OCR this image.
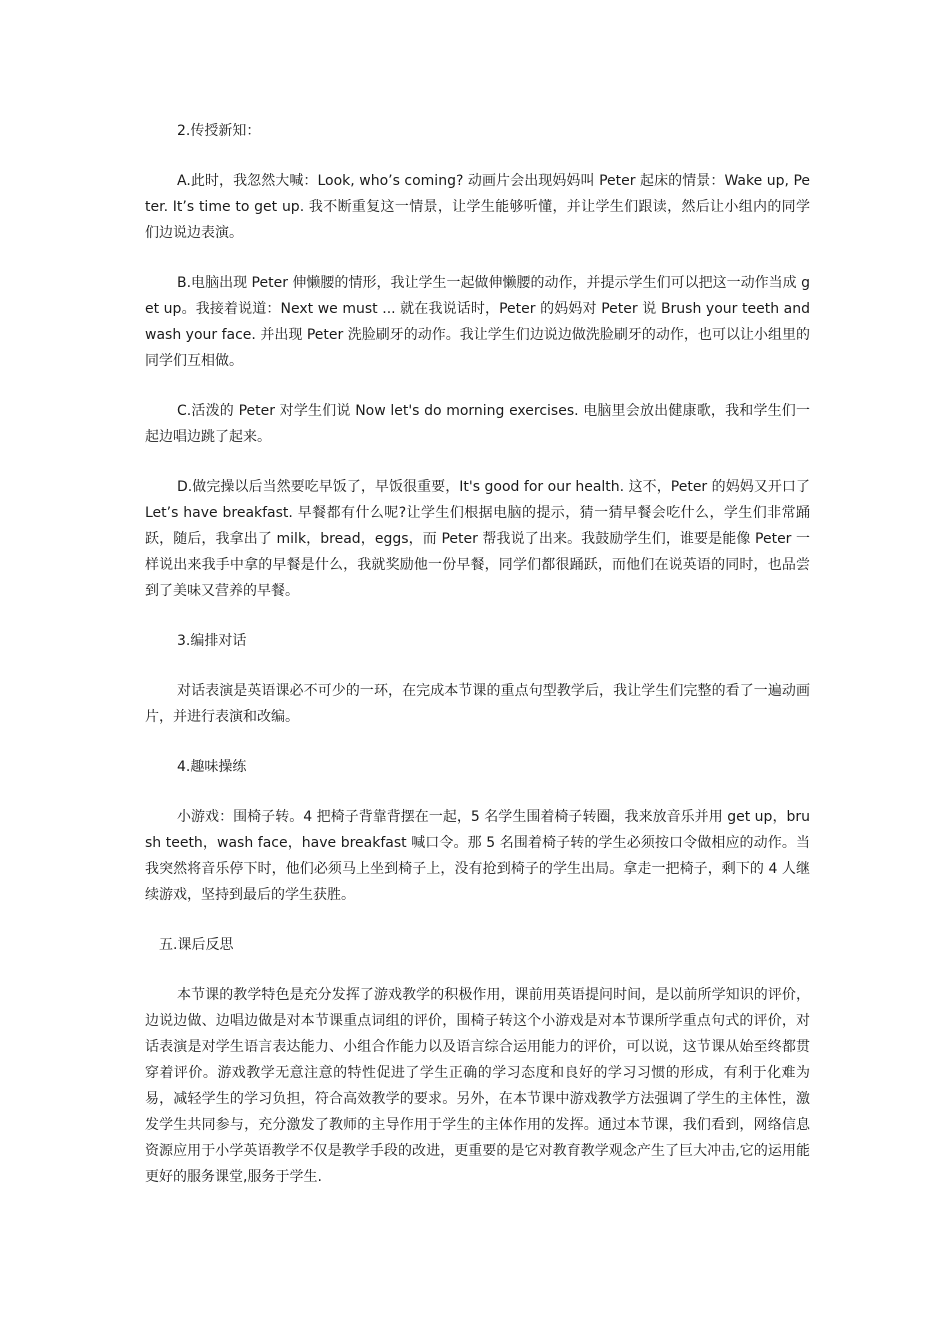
2.传授新知：

A.此时，我忽然大喊：Look, who’s coming? 动画片会出现妈妈叫 Peter 起床的情景：Wake up, Peter. It’s time to get up. 我不断重复这一情景，让学生能够听懂，并让学生们跟读，然后让小组内的同学们边说边表演。

B.电脑出现 Peter 伸懒腰的情形，我让学生一起做伸懒腰的动作，并提示学生们可以把这一动作当成 get up。我接着说道：Next we must ... 就在我说话时，Peter 的妈妈对 Peter 说 Brush your teeth and wash your face. 并出现 Peter 洗脸刷牙的动作。我让学生们边说边做洗脸刷牙的动作，也可以让小组里的同学们互相做。

C.活泼的 Peter 对学生们说 Now let's do morning exercises. 电脑里会放出健康歌，我和学生们一起边唱边跳了起来。

D.做完操以后当然要吃早饭了，早饭很重要，It's good for our health. 这不，Peter 的妈妈又开口了 Let’s have breakfast. 早餐都有什么呢?让学生们根据电脑的提示，猜一猜早餐会吃什么，学生们非常踊跃，随后，我拿出了 milk，bread，eggs，而 Peter 帮我说了出来。我鼓励学生们，谁要是能像 Peter 一样说出来我手中拿的早餐是什么，我就奖励他一份早餐，同学们都很踊跃，而他们在说英语的同时，也品尝到了美味又营养的早餐。

3.编排对话

对话表演是英语课必不可少的一环，在完成本节课的重点句型教学后，我让学生们完整的看了一遍动画片，并进行表演和改编。

4.趣味操练

小游戏：围椅子转。4 把椅子背靠背摆在一起，5 名学生围着椅子转圈，我来放音乐并用 get up，brush teeth，wash face，have breakfast 喊口令。那 5 名围着椅子转的学生必须按口令做相应的动作。当我突然将音乐停下时，他们必须马上坐到椅子上，没有抢到椅子的学生出局。拿走一把椅子，剩下的 4 人继续游戏，坚持到最后的学生获胜。

五.课后反思

本节课的教学特色是充分发挥了游戏教学的积极作用，课前用英语提问时间，是以前所学知识的评价，边说边做、边唱边做是对本节课重点词组的评价，围椅子转这个小游戏是对本节课所学重点句式的评价，对话表演是对学生语言表达能力、小组合作能力以及语言综合运用能力的评价，可以说，这节课从始至终都贯穿着评价。游戏教学无意注意的特性促进了学生正确的学习态度和良好的学习习惯的形成，有利于化难为易，减轻学生的学习负担，符合高效教学的要求。另外，在本节课中游戏教学方法强调了学生的主体性，激发学生共同参与，充分激发了教师的主导作用于学生的主体作用的发挥。通过本节课，我们看到，网络信息资源应用于小学英语教学不仅是教学手段的改进，更重要的是它对教育教学观念产生了巨大冲击,它的运用能更好的服务课堂,服务于学生.
